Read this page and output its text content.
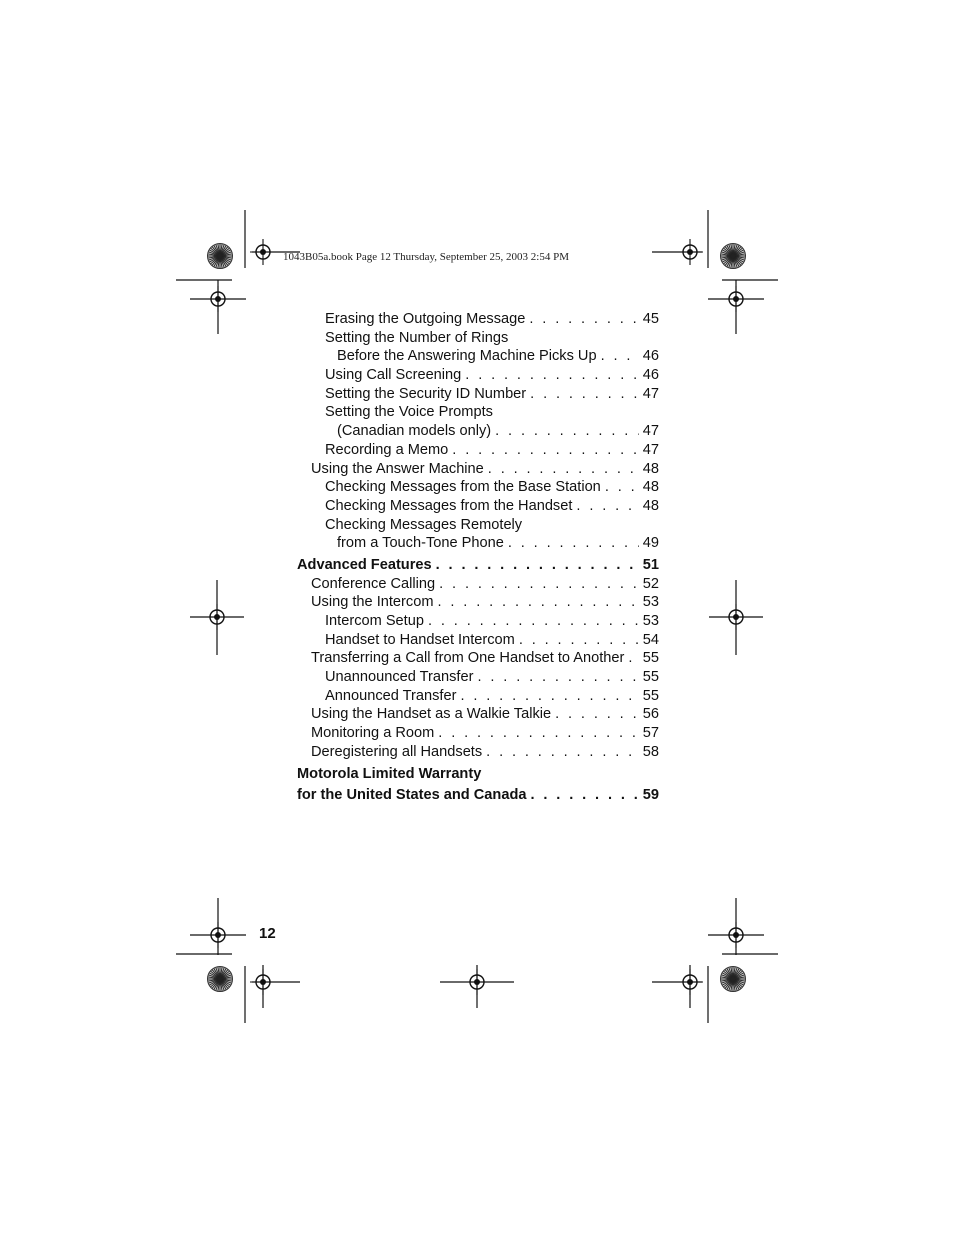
1043B05a.book Page 12 Thursday, September 25, 2003 2:54 PM
Erasing the Outgoing Message . . .	45
Setting the Number of Rings
Before the Answering Machine Picks Up . . .	46
Using Call Screening . . .	46
Setting the Security ID Number . . .	47
Setting the Voice Prompts
(Canadian models only) . . .	47
Recording a Memo . . .	47
Using the Answer Machine . . .	48
Checking Messages from the Base Station . . .	48
Checking Messages from the Handset . . .	48
Checking Messages Remotely
from a Touch-Tone Phone . . .	49
Advanced Features . . .	51
Conference Calling . . .	52
Using the Intercom . . .	53
Intercom Setup . . .	53
Handset to Handset Intercom . . .	54
Transferring a Call from One Handset to Another . . . 55
Unannounced Transfer . . .	55
Announced Transfer . . .	55
Using the Handset as a Walkie Talkie . . .	56
Monitoring a Room . . .	57
Deregistering all Handsets . . .	58
Motorola Limited Warranty
for the United States and Canada . . .	59
12
